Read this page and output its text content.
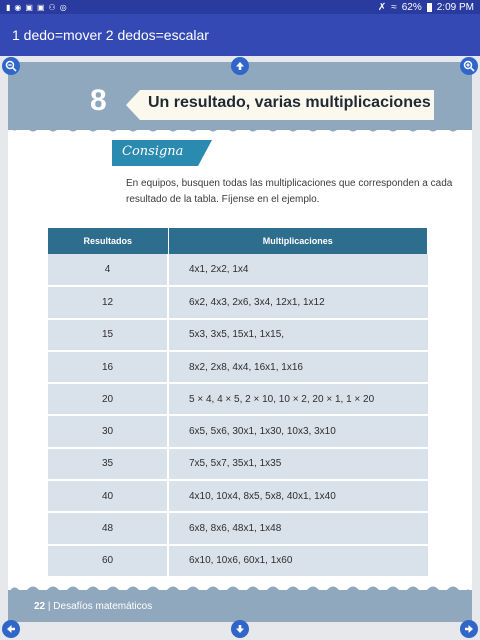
▮ ◉ ▣ ▣ ⚇ ◎	✗ ≈ 62% 2:09 PM
1 dedo=mover 2 dedos=escalar
8	Un resultado, varias multiplicaciones
Consigna

En equipos, busquen todas las multiplicaciones que corresponden a cada resultado de la tabla. Fíjense en el ejemplo.

Resultados	Multiplicaciones
4	4x1, 2x2, 1x4
12	6x2, 4x3, 2x6, 3x4, 12x1, 1x12
15	5x3, 3x5, 15x1, 1x15,
16	8x2, 2x8, 4x4, 16x1, 1x16
20	5 × 4, 4 × 5, 2 × 10, 10 × 2, 20 × 1, 1 × 20
30	6x5, 5x6, 30x1, 1x30, 10x3, 3x10
35	7x5, 5x7, 35x1, 1x35
40	4x10, 10x4, 8x5, 5x8, 40x1, 1x40
48	6x8, 8x6, 48x1, 1x48
60	6x10, 10x6, 60x1, 1x60
22 | Desafíos matemáticos
